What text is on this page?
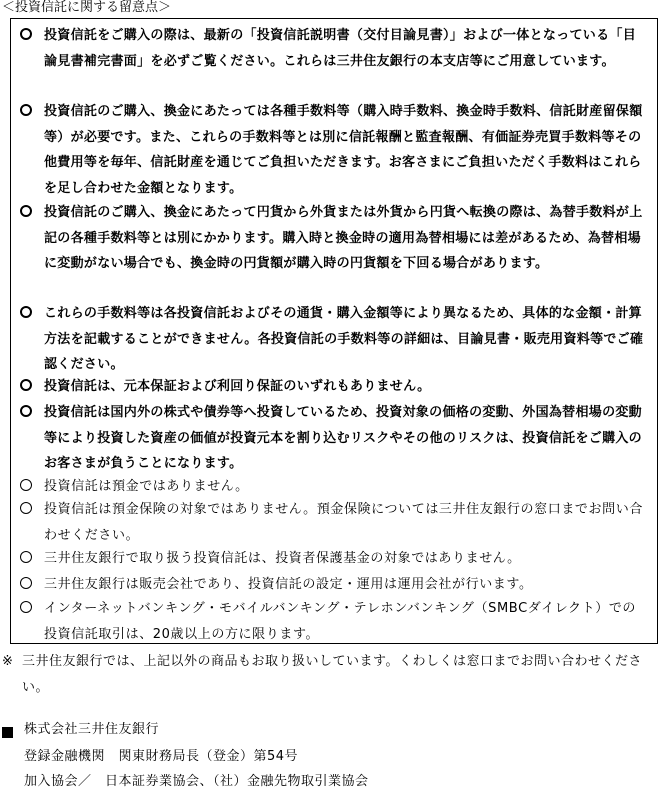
＜投資信託に関する留意点＞
投資信託をご購入の際は、最新の「投資信託説明書（交付目論見書）」および一体となっている「目論見書補完書面」を必ずご覧ください。これらは三井住友銀行の本支店等にご用意しています。
投資信託のご購入、換金にあたっては各種手数料等（購入時手数料、換金時手数料、信託財産留保額等）が必要です。また、これらの手数料等とは別に信託報酬と監査報酬、有価証券売買手数料等その他費用等を毎年、信託財産を通じてご負担いただきます。お客さまにご負担いただく手数料はこれらを足し合わせた金額となります。
投資信託のご購入、換金にあたって円貨から外貨または外貨から円貨へ転換の際は、為替手数料が上記の各種手数料等とは別にかかります。購入時と換金時の適用為替相場には差があるため、為替相場に変動がない場合でも、換金時の円貨額が購入時の円貨額を下回る場合があります。
これらの手数料等は各投資信託およびその通貨・購入金額等により異なるため、具体的な金額・計算方法を記載することができません。各投資信託の手数料等の詳細は、目論見書・販売用資料等でご確認ください。
投資信託は、元本保証および利回り保証のいずれもありません。
投資信託は国内外の株式や債券等へ投資しているため、投資対象の価格の変動、外国為替相場の変動等により投資した資産の価値が投資元本を割り込むリスクやその他のリスクは、投資信託をご購入のお客さまが負うことになります。
投資信託は預金ではありません。
投資信託は預金保険の対象ではありません。預金保険については三井住友銀行の窓口までお問い合わせください。
三井住友銀行で取り扱う投資信託は、投資者保護基金の対象ではありません。
三井住友銀行は販売会社であり、投資信託の設定・運用は運用会社が行います。
インターネットバンキング・モバイルバンキング・テレホンバンキング（SMBCダイレクト）での投資信託取引は、20歳以上の方に限ります。
※ 三井住友銀行では、上記以外の商品もお取り扱いしています。くわしくは窓口までお問い合わせください。
株式会社三井住友銀行
登録金融機関　関東財務局長（登金）第54号
加入協会／　日本証券業協会、（社）金融先物取引業協会
